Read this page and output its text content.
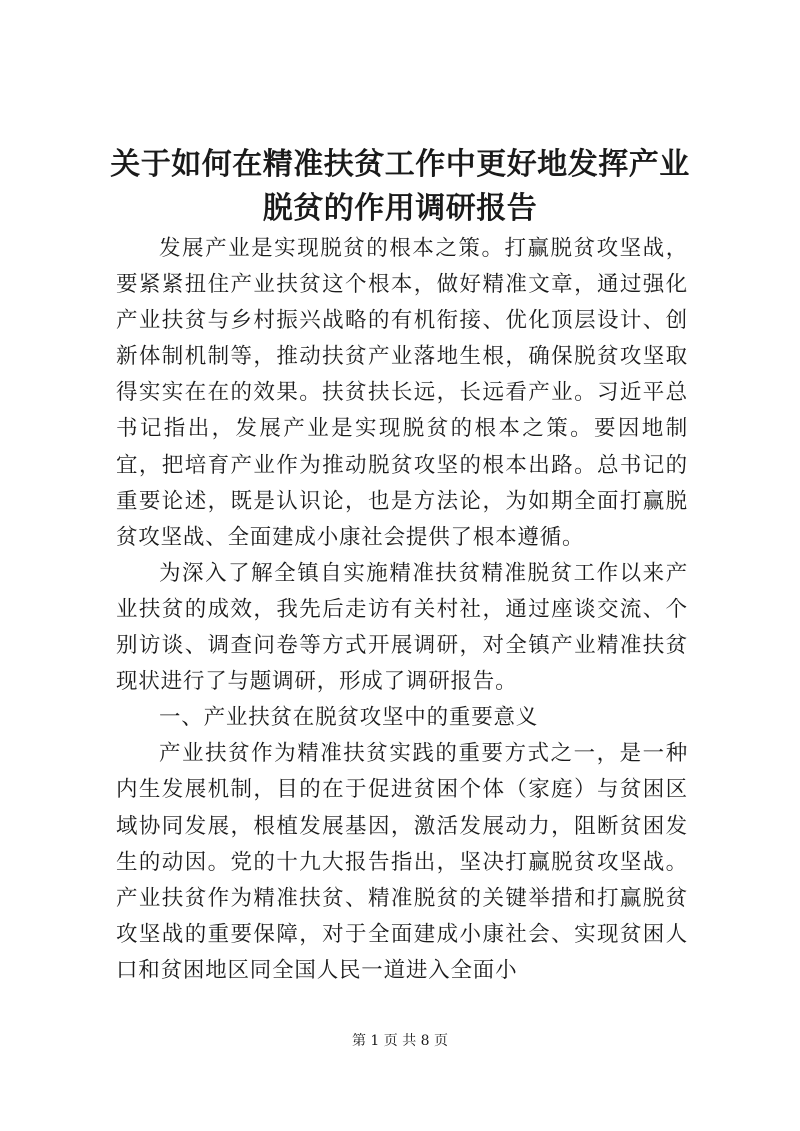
关于如何在精准扶贫工作中更好地发挥产业脱贫的作用调研报告

发展产业是实现脱贫的根本之策。打赢脱贫攻坚战，要紧紧扭住产业扶贫这个根本，做好精准文章，通过强化产业扶贫与乡村振兴战略的有机衔接、优化顶层设计、创新体制机制等，推动扶贫产业落地生根，确保脱贫攻坚取得实实在在的效果。扶贫扶长远，长远看产业。习近平总书记指出，发展产业是实现脱贫的根本之策。要因地制宜，把培育产业作为推动脱贫攻坚的根本出路。总书记的重要论述，既是认识论，也是方法论，为如期全面打赢脱贫攻坚战、全面建成小康社会提供了根本遵循。

为深入了解全镇自实施精准扶贫精准脱贫工作以来产业扶贫的成效，我先后走访有关村社，通过座谈交流、个别访谈、调查问卷等方式开展调研，对全镇产业精准扶贫现状进行了与题调研，形成了调研报告。

一、产业扶贫在脱贫攻坚中的重要意义

产业扶贫作为精准扶贫实践的重要方式之一，是一种内生发展机制，目的在于促进贫困个体（家庭）与贫困区域协同发展，根植发展基因，激活发展动力，阻断贫困发生的动因。党的十九大报告指出，坚决打赢脱贫攻坚战。产业扶贫作为精准扶贫、精准脱贫的关键举措和打赢脱贫攻坚战的重要保障，对于全面建成小康社会、实现贫困人口和贫困地区同全国人民一道进入全面小

第 1 页 共 8 页
